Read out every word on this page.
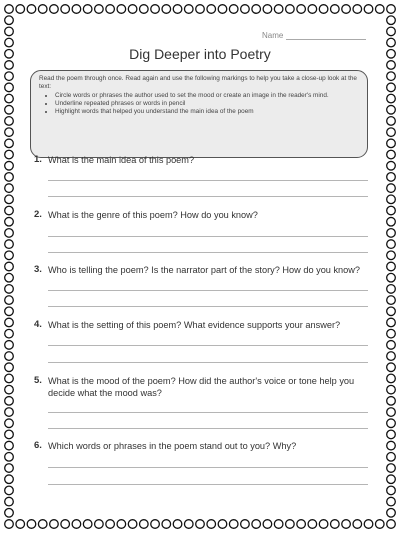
Name
Dig Deeper into Poetry
Read the poem through once. Read again and use the following markings to help you take a close-up look at the text:
• Circle words or phrases the author used to set the mood or create an image in the reader's mind.
• Underline repeated phrases or words in pencil
• Highlight words that helped you understand the main idea of the poem
1. What is the main idea of this poem?
2. What is the genre of this poem? How do you know?
3. Who is telling the poem? Is the narrator part of the story? How do you know?
4. What is the setting of this poem? What evidence supports your answer?
5. What is the mood of the poem? How did the author's voice or tone help you decide what the mood was?
6. Which words or phrases in the poem stand out to you? Why?
